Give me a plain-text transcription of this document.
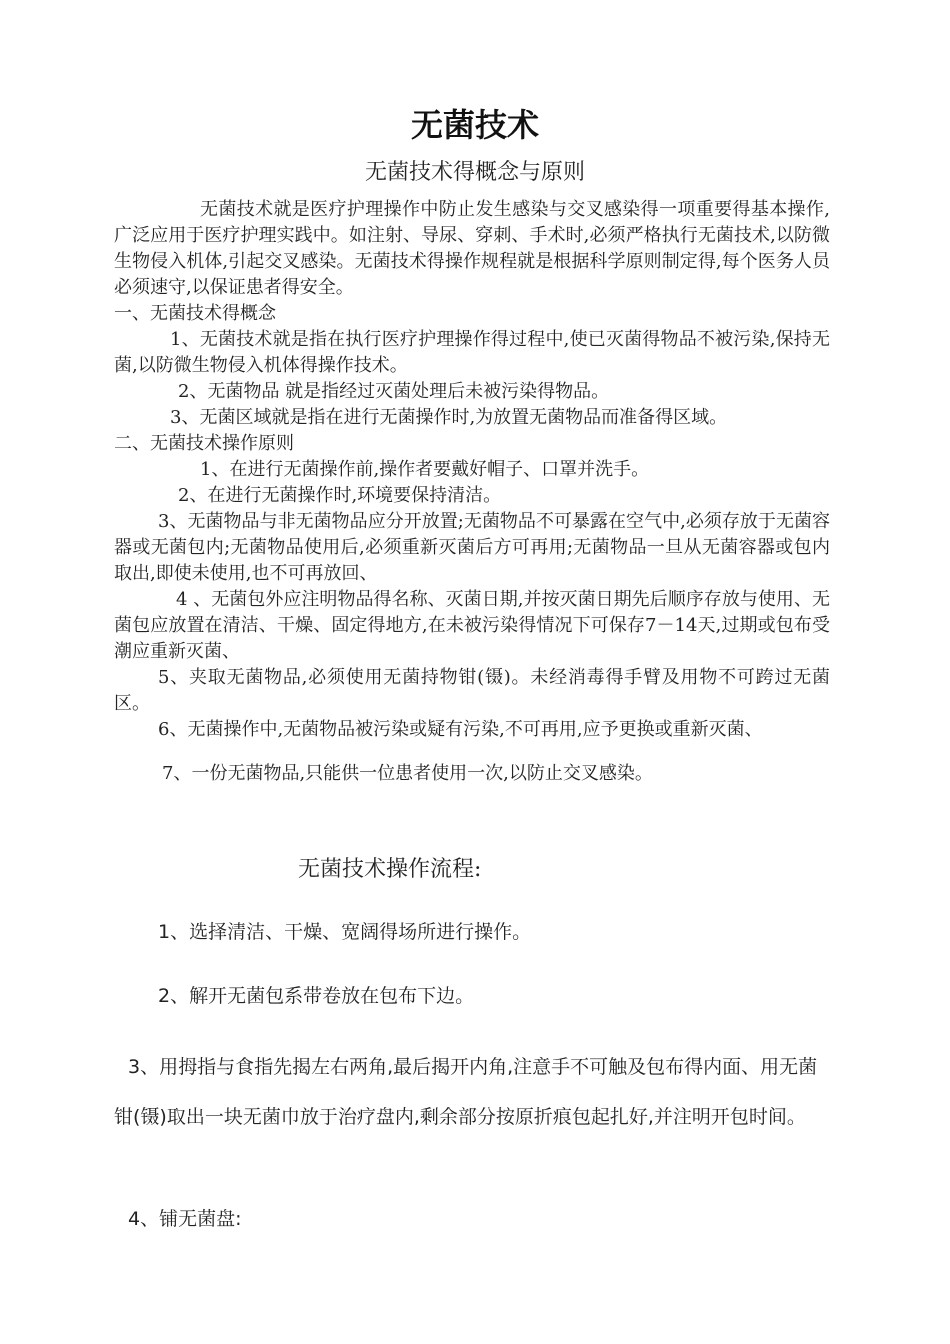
无菌技术
无菌技术得概念与原则

无菌技术就是医疗护理操作中防止发生感染与交叉感染得一项重要得基本操作,广泛应用于医疗护理实践中。如注射、导尿、穿刺、手术时,必须严格执行无菌技术,以防微生物侵入机体,引起交叉感染。无菌技术得操作规程就是根据科学原则制定得,每个医务人员必须速守,以保证患者得安全。

一、无菌技术得概念

1、无菌技术就是指在执行医疗护理操作得过程中,使已灭菌得物品不被污染,保持无菌,以防微生物侵入机体得操作技术。

2、无菌物品 就是指经过灭菌处理后未被污染得物品。

3、无菌区域就是指在进行无菌操作时,为放置无菌物品而准备得区域。

二、无菌技术操作原则

1、在进行无菌操作前,操作者要戴好帽子、口罩并洗手。

2、在进行无菌操作时,环境要保持清洁。

3、无菌物品与非无菌物品应分开放置;无菌物品不可暴露在空气中,必须存放于无菌容器或无菌包内;无菌物品使用后,必须重新灭菌后方可再用;无菌物品一旦从无菌容器或包内取出,即使未使用,也不可再放回、

4 、无菌包外应注明物品得名称、灭菌日期,并按灭菌日期先后顺序存放与使用、无菌包应放置在清洁、干燥、固定得地方,在未被污染得情况下可保存7－14天,过期或包布受潮应重新灭菌、

5、夹取无菌物品,必须使用无菌持物钳(镊)。未经消毒得手臂及用物不可跨过无菌区。

6、无菌操作中,无菌物品被污染或疑有污染,不可再用,应予更换或重新灭菌、

7、一份无菌物品,只能供一位患者使用一次,以防止交叉感染。

无菌技术操作流程:
1、选择清洁、干燥、宽阔得场所进行操作。
2、解开无菌包系带卷放在包布下边。
3、用拇指与食指先揭左右两角,最后揭开内角,注意手不可触及包布得内面、用无菌钳(镊)取出一块无菌巾放于治疗盘内,剩余部分按原折痕包起扎好,并注明开包时间。
4、铺无菌盘:
